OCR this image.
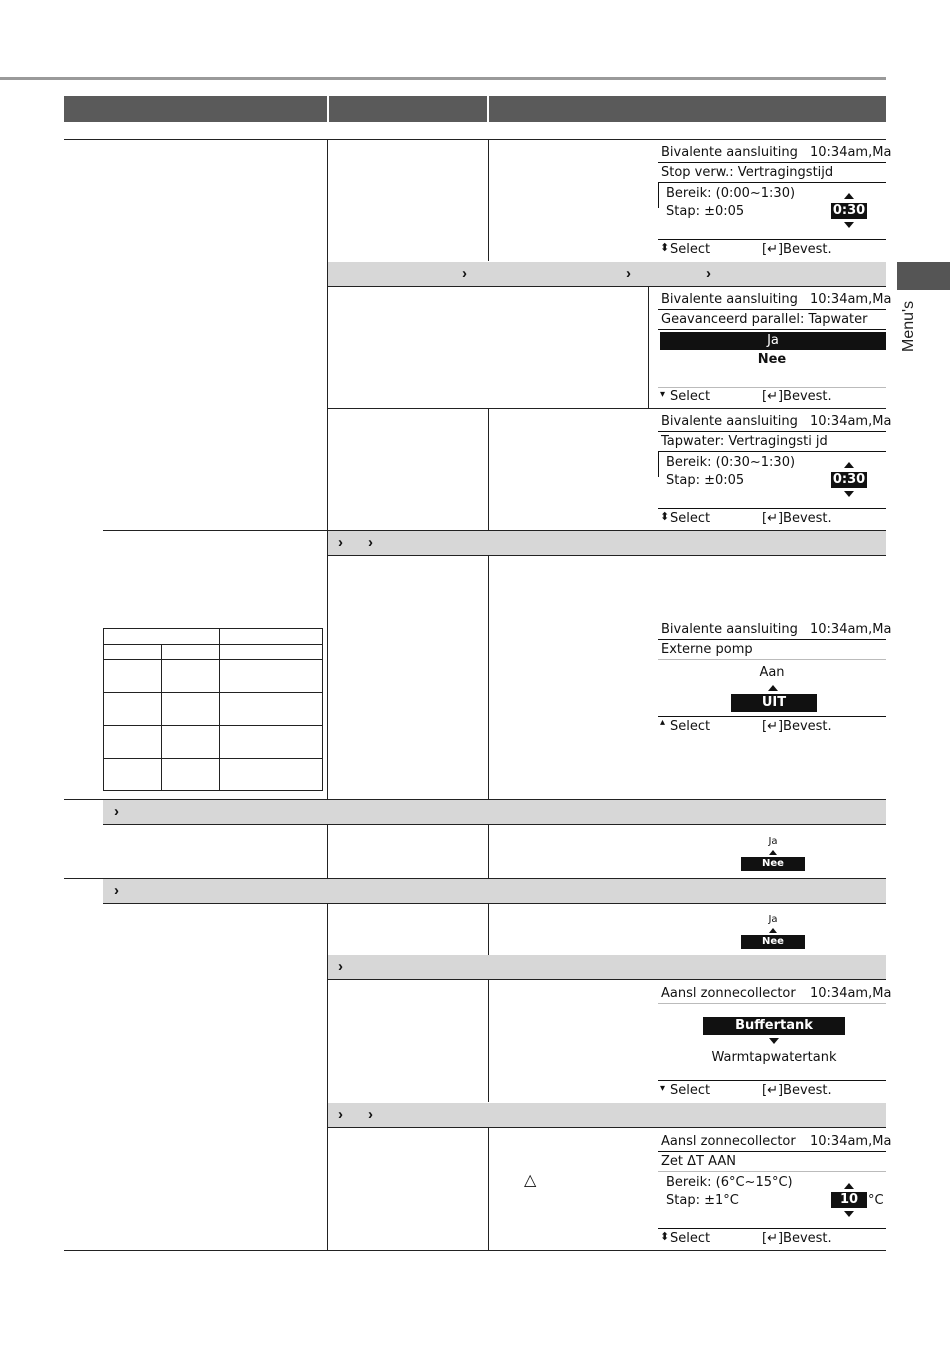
Menu's
›	›	›
› ›
›
›
›
› ›
△
Bivalente aansluiting 10:34am,Ma
Stop verw.: Vertragingstijd
Bereik: (0:00~1:30)
Stap: ±0:05	0:30
⬍ Select	[↵]Bevest.
Bivalente aansluiting 10:34am,Ma
Geavanceerd parallel: Tapwater
Ja
Nee
▾ Select	[↵]Bevest.
Bivalente aansluiting 10:34am,Ma
Tapwater: Vertragingsti jd
Bereik: (0:30~1:30)
Stap: ±0:05	0:30
⬍ Select	[↵]Bevest.
Bivalente aansluiting 10:34am,Ma
Externe pomp
Aan
UIT
▴ Select	[↵]Bevest.
Ja
Nee
Ja
Nee
Aansl zonnecollector 10:34am,Ma
Buffertank
Warmtapwatertank
▾ Select	[↵]Bevest.
Aansl zonnecollector 10:34am,Ma
Zet ΔT AAN
Bereik: (6°C~15°C)
Stap: ±1°C	10 °C
⬍ Select	[↵]Bevest.
